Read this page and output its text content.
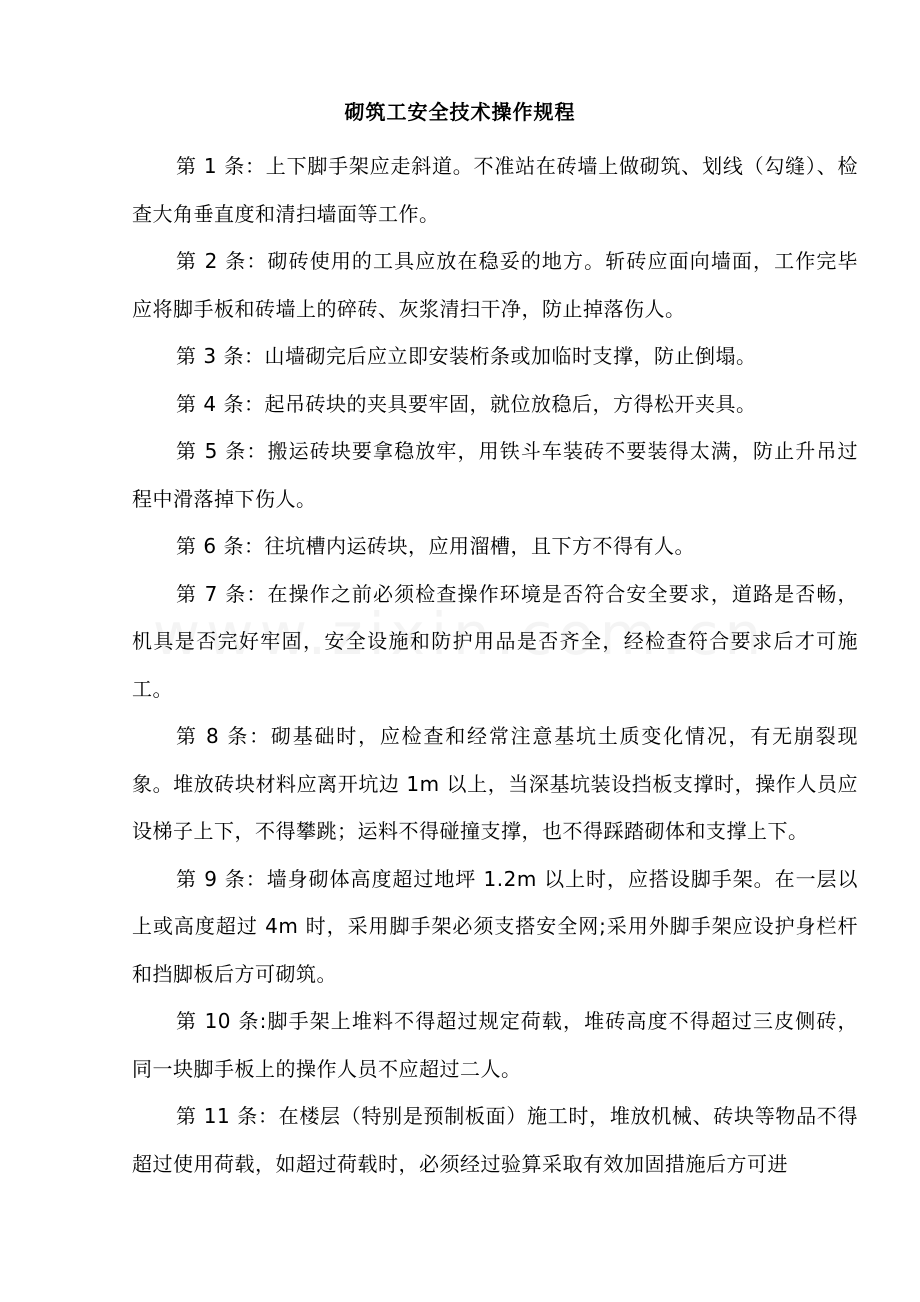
砌筑工安全技术操作规程

第 1 条：上下脚手架应走斜道。不准站在砖墙上做砌筑、划线（勾缝）、检查大角垂直度和清扫墙面等工作。

第 2 条：砌砖使用的工具应放在稳妥的地方。斩砖应面向墙面，工作完毕应将脚手板和砖墙上的碎砖、灰浆清扫干净，防止掉落伤人。

第 3 条：山墙砌完后应立即安装桁条或加临时支撑，防止倒塌。

第 4 条：起吊砖块的夹具要牢固，就位放稳后，方得松开夹具。

第 5 条：搬运砖块要拿稳放牢，用铁斗车装砖不要装得太满，防止升吊过程中滑落掉下伤人。

第 6 条：往坑槽内运砖块，应用溜槽，且下方不得有人。

第 7 条：在操作之前必须检查操作环境是否符合安全要求，道路是否畅，机具是否完好牢固，安全设施和防护用品是否齐全，经检查符合要求后才可施工。

第 8 条：砌基础时，应检查和经常注意基坑土质变化情况，有无崩裂现象。堆放砖块材料应离开坑边 1m 以上，当深基坑装设挡板支撑时，操作人员应设梯子上下，不得攀跳；运料不得碰撞支撑，也不得踩踏砌体和支撑上下。

第 9 条：墙身砌体高度超过地坪 1.2m 以上时，应搭设脚手架。在一层以上或高度超过 4m 时，采用脚手架必须支搭安全网;采用外脚手架应设护身栏杆和挡脚板后方可砌筑。

第 10 条:脚手架上堆料不得超过规定荷载，堆砖高度不得超过三皮侧砖，同一块脚手板上的操作人员不应超过二人。

第 11 条：在楼层（特别是预制板面）施工时，堆放机械、砖块等物品不得超过使用荷载，如超过荷载时，必须经过验算采取有效加固措施后方可进
